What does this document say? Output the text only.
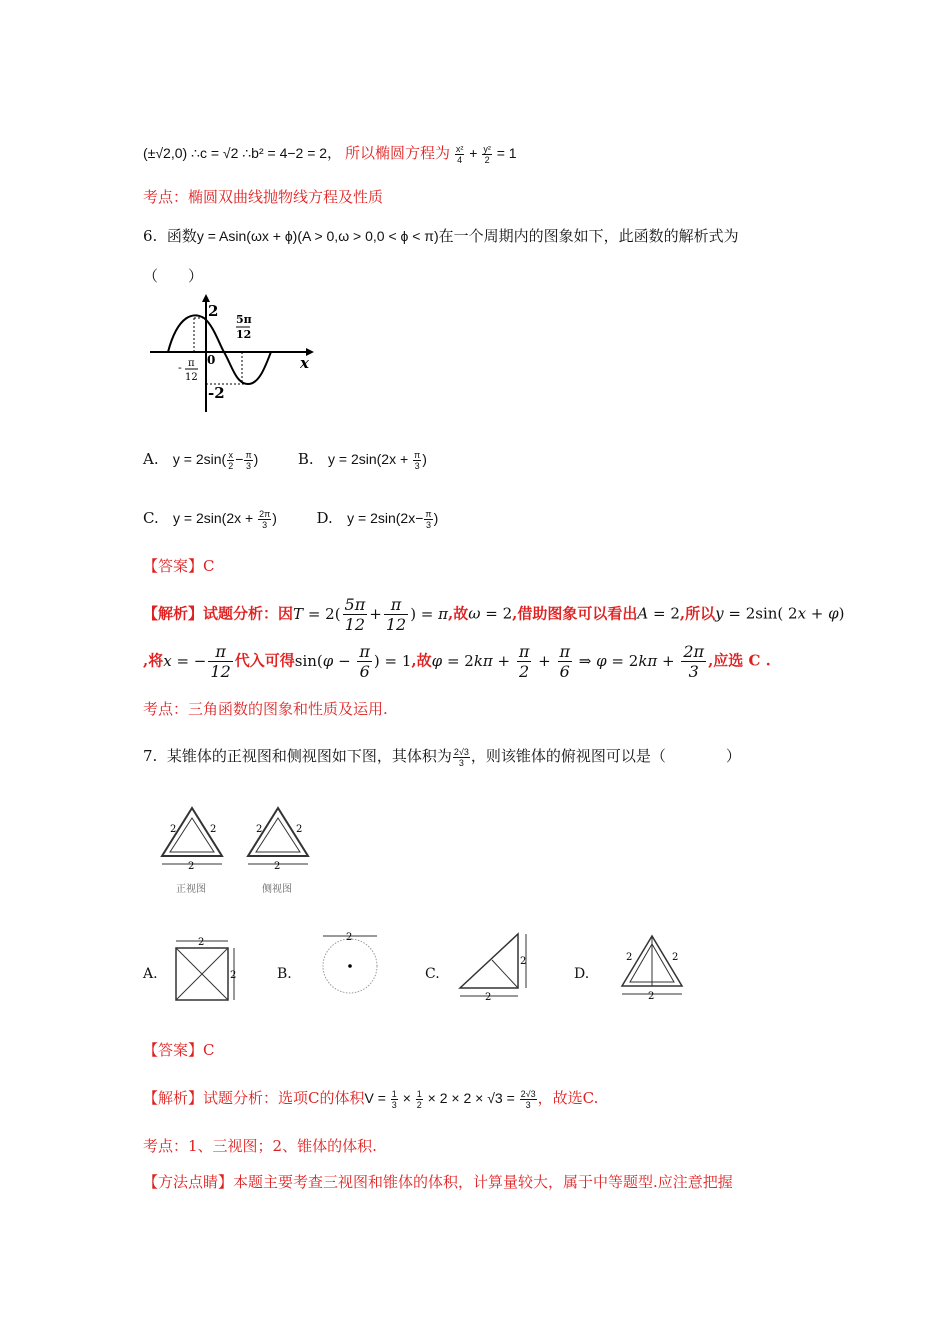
(±√2,0) ∴c = √2 ∴b² = 4−2 = 2， 所以椭圆方程为 $\frac{\text{x²}}{4} + \frac{\text{y²}}{2} = 1$
考点：椭圆双曲线抛物线方程及性质
6. 函数y = Asin(ωx + ϕ)(A > 0,ω > 0,0 < ϕ < π)在一个周期内的图象如下，此函数的解析式为
（　　）
2
-2
0	x
5π
12
- π
12
A. $y = 2\sin( \frac{x}{2} - \frac{\pi}{3}$ )	B. $y = 2\sin(2x + \frac{\pi}{3}$ )
C. $y = 2\sin(2x + \frac{2\pi}{3}$ )	D. $y = 2\sin(2x- \frac{\pi}{3}$ )
【答案】C
【解析】试题分析：因$T = 2( \frac{5\pi}{12} + \frac{\pi}{12}$ ) = π,故ω = 2,借助图象可以看出A = 2,所以y = 2sin( 2x + φ)
,将x = − $\frac{\pi}{12}$ 代入可得$\sin(\varphi - \frac{\pi}{6}$ ) = 1,故$\varphi = 2k\pi + \frac{\pi}{2} + \frac{\pi}{6}$ ⇒ $\varphi = 2k\pi + \frac{2\pi}{3}$ ,应选 C .
考点：三角函数的图象和性质及运用.
7. 某锥体的正视图和侧视图如下图，其体积为 $\frac{2√3}{3}$ ，则该锥体的俯视图可以是（　　　　）
2
2	2
正视图
2
2	2
侧视图
A.
2
2	B.
2
C.
2
2
D.
2
2	2
【答案】C
【解析】试题分析：选项C的体积$V = \frac{1}{3} \times \frac{1}{2} \times 2 \times 2 \times √3 = \frac{2√3}{3}$ ，故选C.
考点：1、三视图；2、锥体的体积.
【方法点睛】本题主要考查三视图和锥体的体积，计算量较大，属于中等题型.应注意把握
